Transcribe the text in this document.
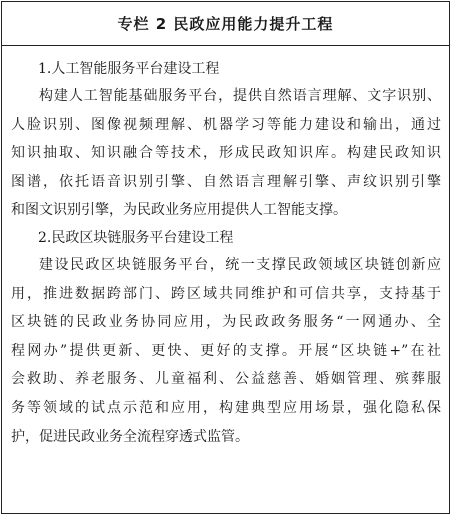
专栏 2 民政应用能力提升工程
1.人工智能服务平台建设工程
构建人工智能基础服务平台，提供自然语言理解、文字识别、
人脸识别、图像视频理解、机器学习等能力建设和输出，通过
知识抽取、知识融合等技术，形成民政知识库。构建民政知识
图谱，依托语音识别引擎、自然语言理解引擎、声纹识别引擎
和图文识别引擎，为民政业务应用提供人工智能支撑。
2.民政区块链服务平台建设工程
建设民政区块链服务平台，统一支撑民政领域区块链创新应
用，推进数据跨部门、跨区域共同维护和可信共享，支持基于
区块链的民政业务协同应用，为民政政务服务“一网通办、全
程网办”提供更新、更快、更好的支撑。开展“区块链+”在社
会救助、养老服务、儿童福利、公益慈善、婚姻管理、殡葬服
务等领域的试点示范和应用，构建典型应用场景，强化隐私保
护，促进民政业务全流程穿透式监管。
